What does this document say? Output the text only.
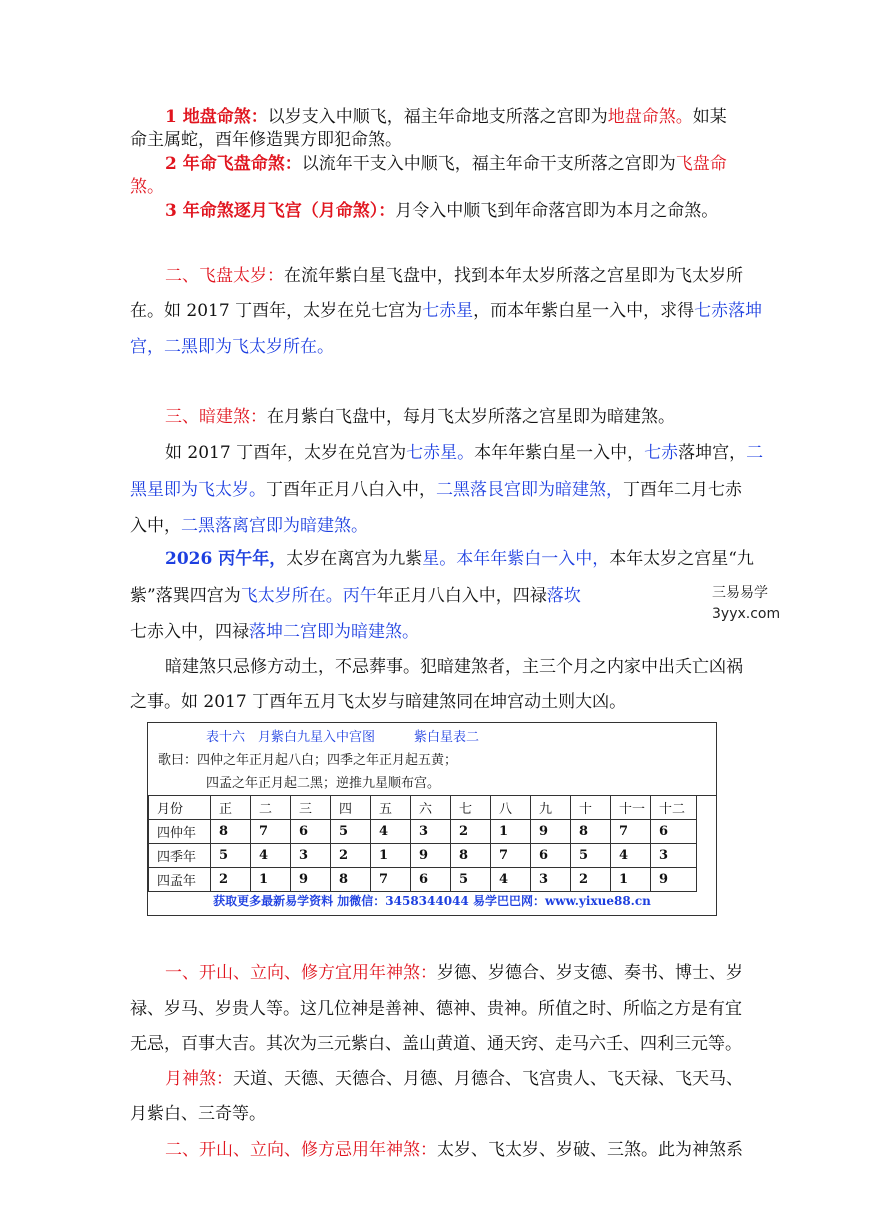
1 地盘命煞：以岁支入中顺飞，福主年命地支所落之宫即为地盘命煞。如某
命主属蛇，酉年修造巽方即犯命煞。
2 年命飞盘命煞：以流年干支入中顺飞，福主年命干支所落之宫即为飞盘命
煞。
3 年命煞逐月飞宫（月命煞）：月令入中顺飞到年命落宫即为本月之命煞。
二、飞盘太岁：在流年紫白星飞盘中，找到本年太岁所落之宫星即为飞太岁所
在。如 2017 丁酉年，太岁在兑七宫为七赤星，而本年紫白星一入中，求得七赤落坤
宫，二黑即为飞太岁所在。
三、暗建煞：在月紫白飞盘中，每月飞太岁所落之宫星即为暗建煞。
如 2017 丁酉年，太岁在兑宫为七赤星。本年年紫白星一入中，七赤落坤宫，二
黑星即为飞太岁。丁酉年正月八白入中，二黑落艮宫即为暗建煞，丁酉年二月七赤
入中，二黑落离宫即为暗建煞。
2026 丙午年，太岁在离宫为九紫星。本年年紫白一入中，本年太岁之宫星“九
紫”落巽四宫为飞太岁所在。丙午年正月八白入中，四禄落坎	三易易学
3yyx.com
七赤入中，四禄落坤二宫即为暗建煞。
暗建煞只忌修方动土，不忌葬事。犯暗建煞者，主三个月之内家中出夭亡凶祸
之事。如 2017 丁酉年五月飞太岁与暗建煞同在坤宫动土则大凶。
表十六　月紫白九星入中宫图　　　紫白星表二
歌曰：四仲之年正月起八白；四季之年正月起五黄；
四孟之年正月起二黑；逆推九星顺布宫。
月份	正	二	三	四	五	六	七	八	九	十	十一	十二
四仲年	8	7	6	5	4	3	2	1	9	8	7	6
四季年	5	4	3	2	1	9	8	7	6	5	4	3
四孟年	2	1	9	8	7	6	5	4	3	2	1	9
获取更多最新易学资料 加微信：3458344044 易学巴巴网：www.yixue88.cn
一、开山、立向、修方宜用年神煞：岁德、岁德合、岁支德、奏书、博士、岁
禄、岁马、岁贵人等。这几位神是善神、德神、贵神。所值之时、所临之方是有宜
无忌，百事大吉。其次为三元紫白、盖山黄道、通天窍、走马六壬、四利三元等。
月神煞：天道、天德、天德合、月德、月德合、飞宫贵人、飞天禄、飞天马、
月紫白、三奇等。
二、开山、立向、修方忌用年神煞：太岁、飞太岁、岁破、三煞。此为神煞系
